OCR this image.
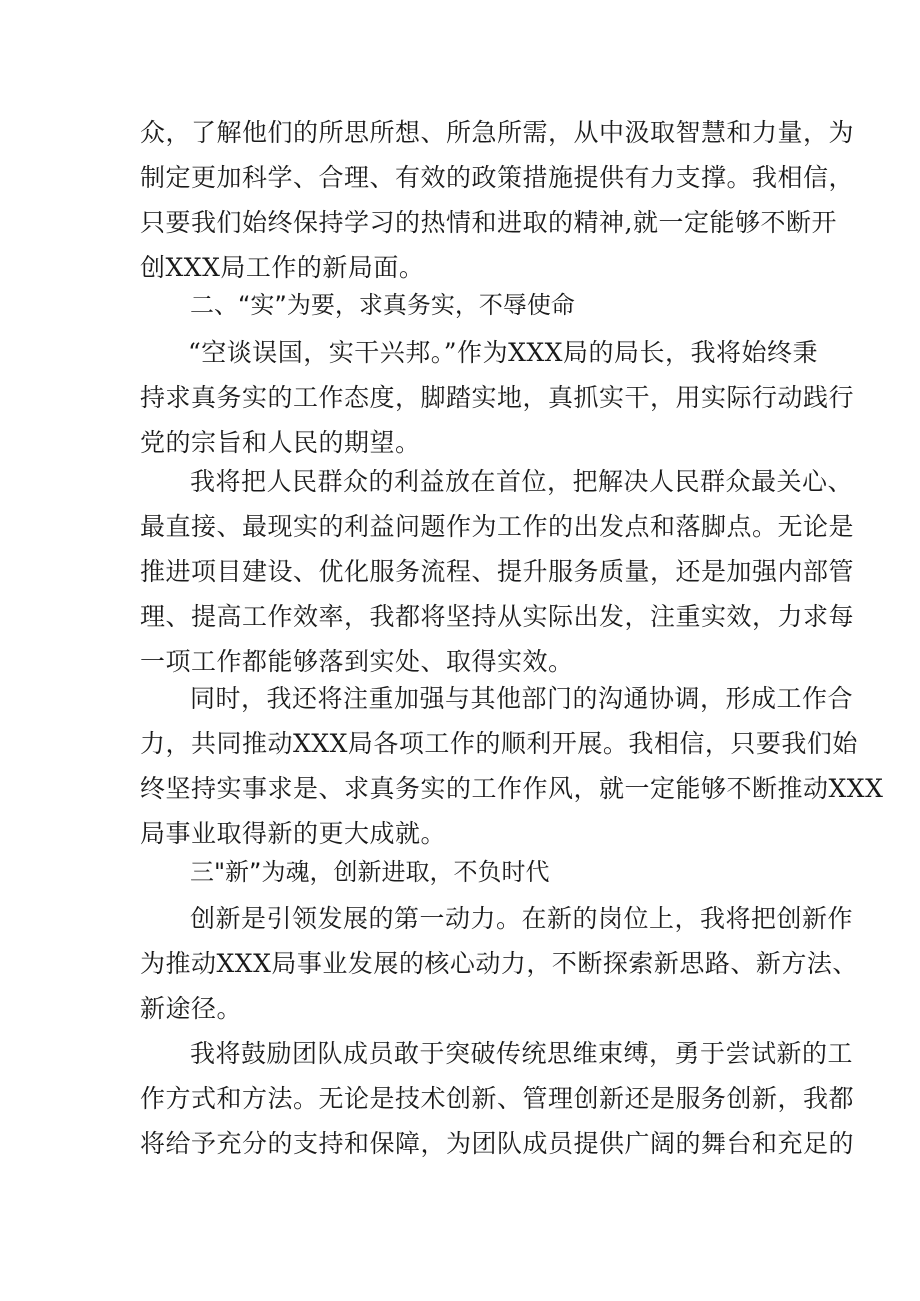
众，了解他们的所思所想、所急所需，从中汲取智慧和力量，为
制定更加科学、合理、有效的政策措施提供有力支撑。我相信，
只要我们始终保持学习的热情和进取的精神,就一定能够不断开
创XXX局工作的新局面。
二、“实”为要，求真务实，不辱使命
“空谈误国，实干兴邦。”作为XXX局的局长，我将始终秉
持求真务实的工作态度，脚踏实地，真抓实干，用实际行动践行
党的宗旨和人民的期望。
我将把人民群众的利益放在首位，把解决人民群众最关心、
最直接、最现实的利益问题作为工作的出发点和落脚点。无论是
推进项目建设、优化服务流程、提升服务质量，还是加强内部管
理、提高工作效率，我都将坚持从实际出发，注重实效，力求每
一项工作都能够落到实处、取得实效。
同时，我还将注重加强与其他部门的沟通协调，形成工作合
力，共同推动XXX局各项工作的顺利开展。我相信，只要我们始
终坚持实事求是、求真务实的工作作风，就一定能够不断推动XXX
局事业取得新的更大成就。
三"新”为魂，创新进取，不负时代
创新是引领发展的第一动力。在新的岗位上，我将把创新作
为推动XXX局事业发展的核心动力，不断探索新思路、新方法、
新途径。
我将鼓励团队成员敢于突破传统思维束缚，勇于尝试新的工
作方式和方法。无论是技术创新、管理创新还是服务创新，我都
将给予充分的支持和保障，为团队成员提供广阔的舞台和充足的
